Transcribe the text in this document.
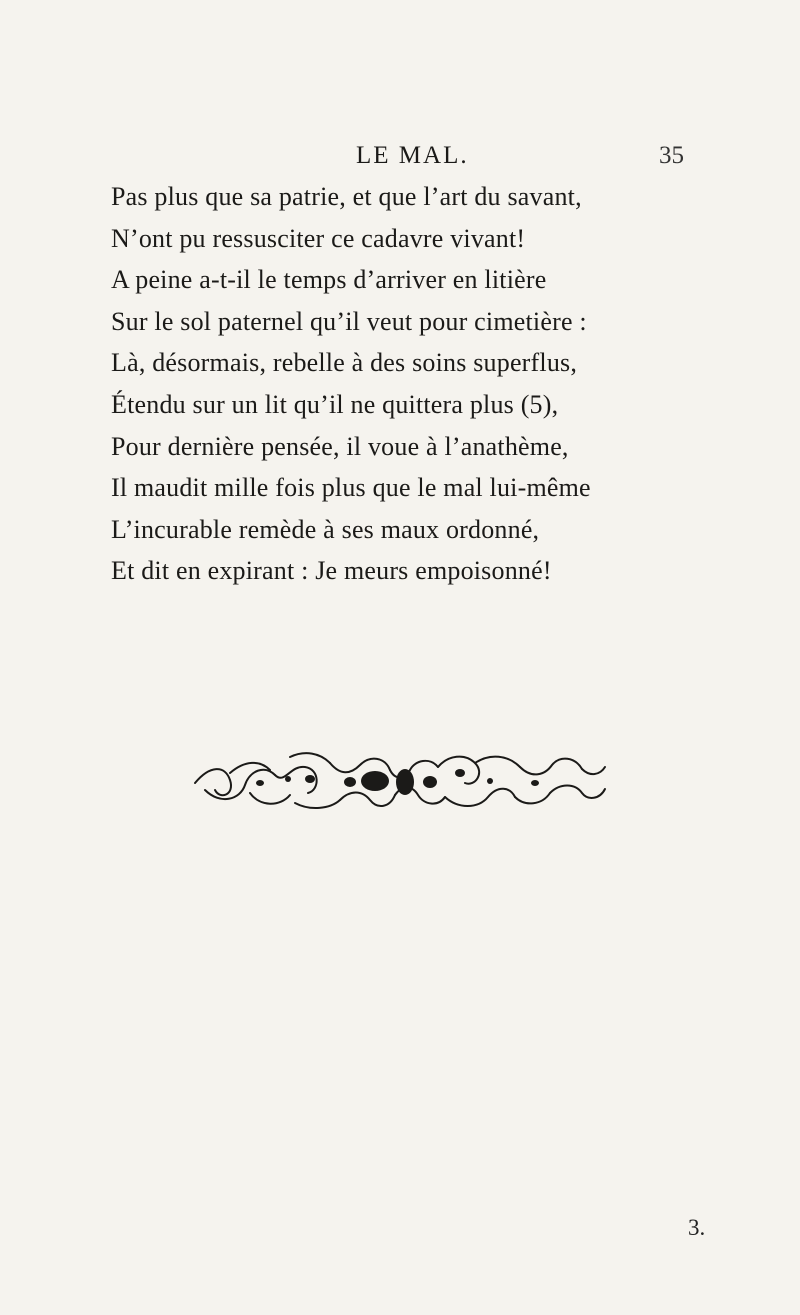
LE MAL.	35
Pas plus que sa patrie, et que l’art du savant,
N’ont pu ressusciter ce cadavre vivant!
A peine a-t-il le temps d’arriver en litière
Sur le sol paternel qu’il veut pour cimetière :
Là, désormais, rebelle à des soins superflus,
Étendu sur un lit qu’il ne quittera plus (5),
Pour dernière pensée, il voue à l’anathème,
Il maudit mille fois plus que le mal lui-même
L’incurable remède à ses maux ordonné,
Et dit en expirant : Je meurs empoisonné!
3.
